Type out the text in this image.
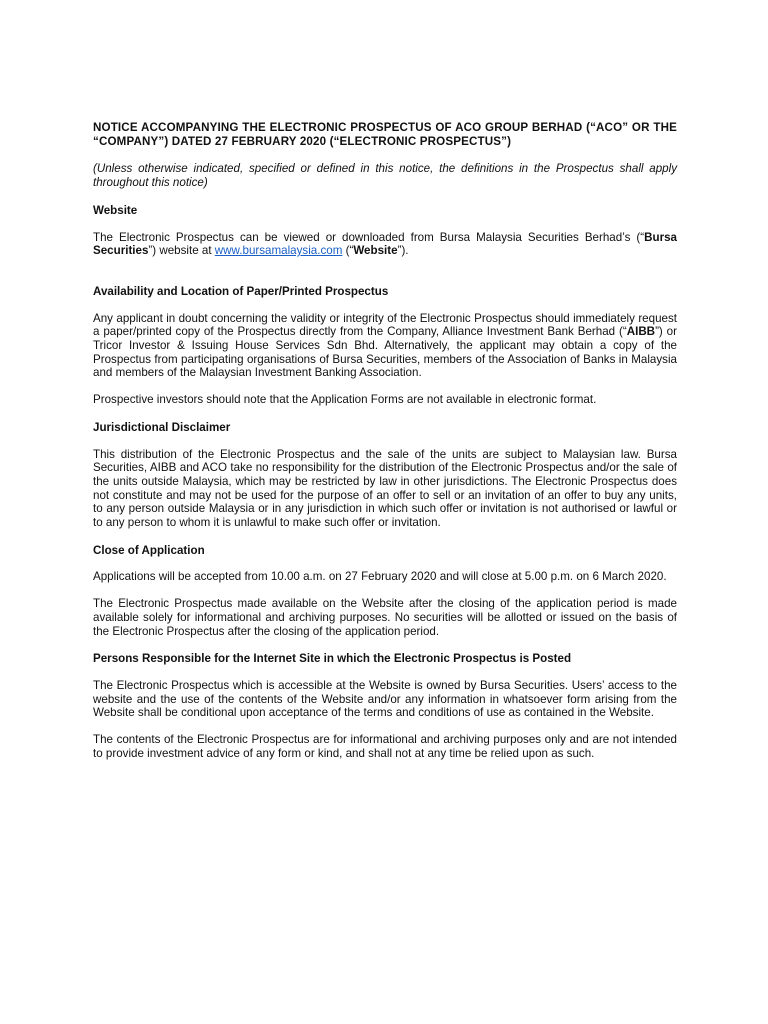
NOTICE ACCOMPANYING THE ELECTRONIC PROSPECTUS OF ACO GROUP BERHAD (“ACO” OR THE “COMPANY”) DATED 27 FEBRUARY 2020 (“ELECTRONIC PROSPECTUS”)

(Unless otherwise indicated, specified or defined in this notice, the definitions in the Prospectus shall apply throughout this notice)

Website

The Electronic Prospectus can be viewed or downloaded from Bursa Malaysia Securities Berhad’s (“Bursa Securities”) website at www.bursamalaysia.com (“Website”).

Availability and Location of Paper/Printed Prospectus

Any applicant in doubt concerning the validity or integrity of the Electronic Prospectus should immediately request a paper/printed copy of the Prospectus directly from the Company, Alliance Investment Bank Berhad (“AIBB”) or Tricor Investor & Issuing House Services Sdn Bhd. Alternatively, the applicant may obtain a copy of the Prospectus from participating organisations of Bursa Securities, members of the Association of Banks in Malaysia and members of the Malaysian Investment Banking Association.

Prospective investors should note that the Application Forms are not available in electronic format.

Jurisdictional Disclaimer

This distribution of the Electronic Prospectus and the sale of the units are subject to Malaysian law. Bursa Securities, AIBB and ACO take no responsibility for the distribution of the Electronic Prospectus and/or the sale of the units outside Malaysia, which may be restricted by law in other jurisdictions. The Electronic Prospectus does not constitute and may not be used for the purpose of an offer to sell or an invitation of an offer to buy any units, to any person outside Malaysia or in any jurisdiction in which such offer or invitation is not authorised or lawful or to any person to whom it is unlawful to make such offer or invitation.

Close of Application

Applications will be accepted from 10.00 a.m. on 27 February 2020 and will close at 5.00 p.m. on 6 March 2020.

The Electronic Prospectus made available on the Website after the closing of the application period is made available solely for informational and archiving purposes. No securities will be allotted or issued on the basis of the Electronic Prospectus after the closing of the application period.

Persons Responsible for the Internet Site in which the Electronic Prospectus is Posted

The Electronic Prospectus which is accessible at the Website is owned by Bursa Securities. Users’ access to the website and the use of the contents of the Website and/or any information in whatsoever form arising from the Website shall be conditional upon acceptance of the terms and conditions of use as contained in the Website.

The contents of the Electronic Prospectus are for informational and archiving purposes only and are not intended to provide investment advice of any form or kind, and shall not at any time be relied upon as such.
